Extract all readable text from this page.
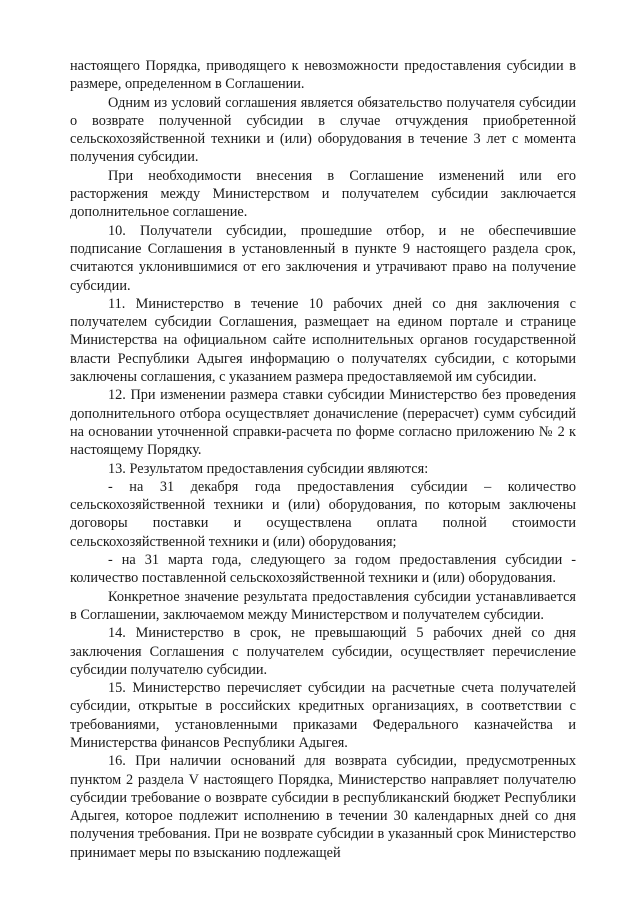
настоящего Порядка, приводящего к невозможности предоставления субсидии в размере, определенном в Соглашении.

Одним из условий соглашения является обязательство получателя субсидии о возврате полученной субсидии в случае отчуждения приобретенной сельскохозяйственной техники и (или) оборудования в течение 3 лет с момента получения субсидии.

При необходимости внесения в Соглашение изменений или его расторжения между Министерством и получателем субсидии заключается дополнительное соглашение.

10. Получатели субсидии, прошедшие отбор, и не обеспечившие подписание Соглашения в установленный в пункте 9 настоящего раздела срок, считаются уклонившимися от его заключения и утрачивают право на получение субсидии.

11. Министерство в течение 10 рабочих дней со дня заключения с получателем субсидии Соглашения, размещает на едином портале и странице Министерства на официальном сайте исполнительных органов государственной власти Республики Адыгея информацию о получателях субсидии, с которыми заключены соглашения, с указанием размера предоставляемой им субсидии.

12. При изменении размера ставки субсидии Министерство без проведения дополнительного отбора осуществляет доначисление (перерасчет) сумм субсидий на основании уточненной справки-расчета по форме согласно приложению № 2 к настоящему Порядку.

13. Результатом предоставления субсидии являются:

- на 31 декабря года предоставления субсидии – количество сельскохозяйственной техники и (или) оборудования, по которым заключены договоры поставки и осуществлена оплата полной стоимости сельскохозяйственной техники и (или) оборудования;

- на 31 марта года, следующего за годом предоставления субсидии - количество поставленной сельскохозяйственной техники и (или) оборудования.

Конкретное значение результата предоставления субсидии устанавливается в Соглашении, заключаемом между Министерством и получателем субсидии.

14. Министерство в срок, не превышающий 5 рабочих дней со дня заключения Соглашения с получателем субсидии, осуществляет перечисление субсидии получателю субсидии.

15. Министерство перечисляет субсидии на расчетные счета получателей субсидии, открытые в российских кредитных организациях, в соответствии с требованиями, установленными приказами Федерального казначейства и Министерства финансов Республики Адыгея.

16. При наличии оснований для возврата субсидии, предусмотренных пунктом 2 раздела V настоящего Порядка, Министерство направляет получателю субсидии требование о возврате субсидии в республиканский бюджет Республики Адыгея, которое подлежит исполнению в течении 30 календарных дней со дня получения требования. При не возврате субсидии в указанный срок Министерство принимает меры по взысканию подлежащей
